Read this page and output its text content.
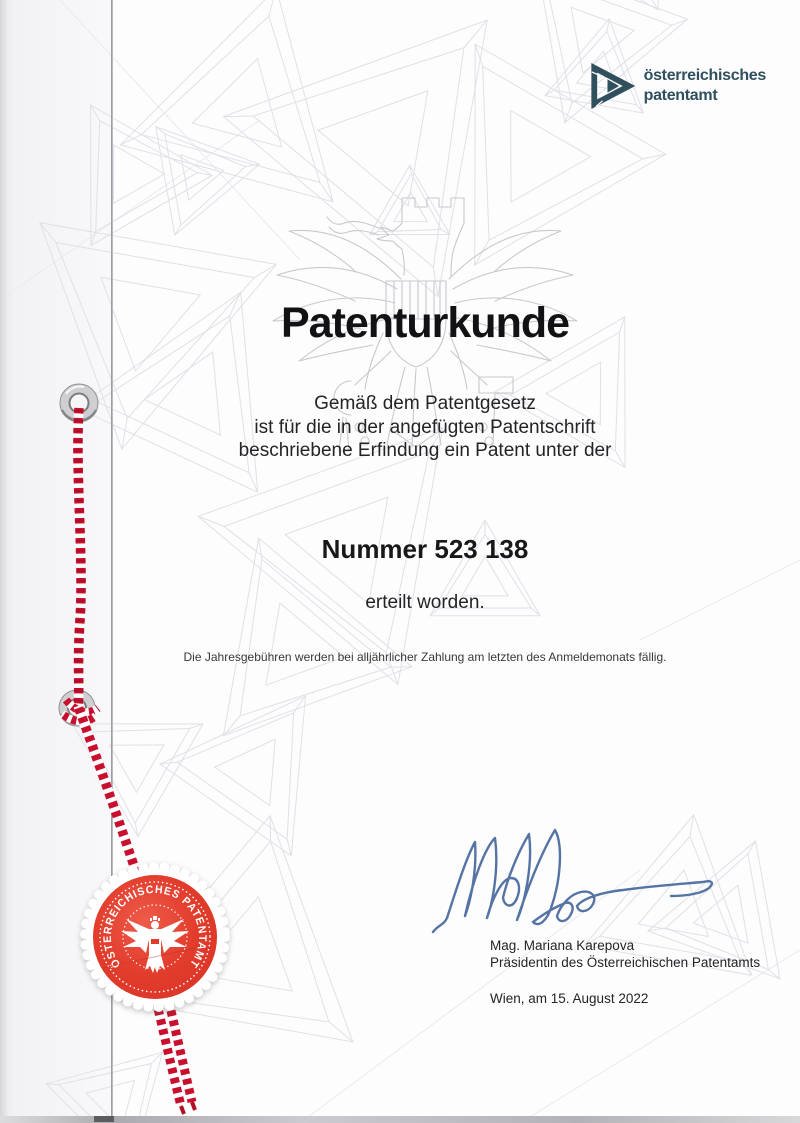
österreichisches
patentamt
Patenturkunde
Gemäß dem Patentgesetz
ist für die in der angefügten Patentschrift
beschriebene Erfindung ein Patent unter der
Nummer 523 138
erteilt worden.
Die Jahresgebühren werden bei alljährlicher Zahlung am letzten des Anmeldemonats fällig.
Mag. Mariana Karepova
Präsidentin des Österreichischen Patentamts
Wien, am 15. August 2022
ÖSTERREICHISCHES PATENTAMT
